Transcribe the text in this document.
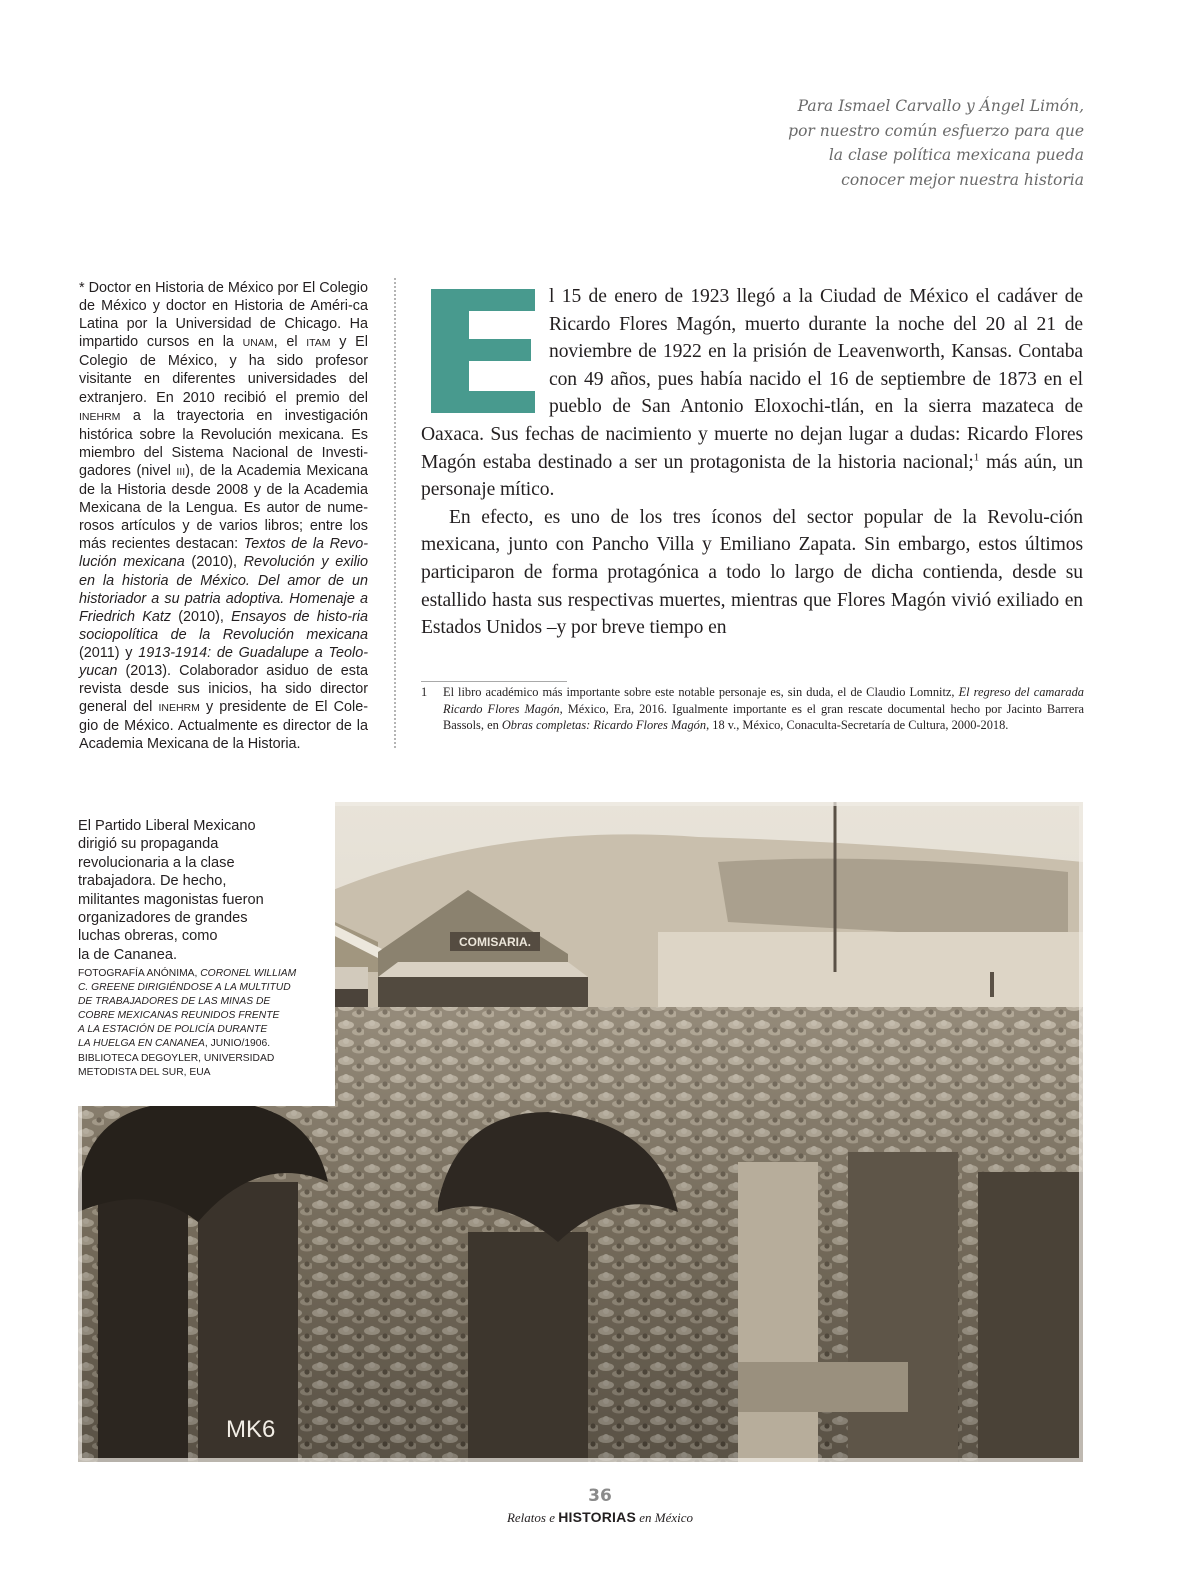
Para Ismael Carvallo y Ángel Limón,
por nuestro común esfuerzo para que
la clase política mexicana pueda
conocer mejor nuestra historia
* Doctor en Historia de México por El Colegio de México y doctor en Historia de Améri-ca Latina por la Universidad de Chicago. Ha impartido cursos en la UNAM, el ITAM y El Colegio de México, y ha sido profesor visitante en diferentes universidades del extranjero. En 2010 recibió el premio del INEHRM a la trayectoria en investigación histórica sobre la Revolución mexicana. Es miembro del Sistema Nacional de Investi-gadores (nivel III), de la Academia Mexicana de la Historia desde 2008 y de la Academia Mexicana de la Lengua. Es autor de nume-rosos artículos y de varios libros; entre los más recientes destacan: Textos de la Revo-lución mexicana (2010), Revolución y exilio en la historia de México. Del amor de un historiador a su patria adoptiva. Homenaje a Friedrich Katz (2010), Ensayos de histo-ria sociopolítica de la Revolución mexicana (2011) y 1913-1914: de Guadalupe a Teolo-yucan (2013). Colaborador asiduo de esta revista desde sus inicios, ha sido director general del INEHRM y presidente de El Cole-gio de México. Actualmente es director de la Academia Mexicana de la Historia.

l 15 de enero de 1923 llegó a la Ciudad de México el cadáver de Ricardo Flores Magón, muerto durante la noche del 20 al 21 de noviembre de 1922 en la prisión de Leavenworth, Kansas. Contaba con 49 años, pues había nacido el 16 de septiembre de 1873 en el pueblo de San Antonio Eloxochi-tlán, en la sierra mazateca de Oaxaca. Sus fechas de nacimiento y muerte no dejan lugar a dudas: Ricardo Flores Magón estaba destinado a ser un protagonista de la historia nacional;$^1$ más aún, un personaje mítico.

En efecto, es uno de los tres íconos del sector popular de la Revolu-ción mexicana, junto con Pancho Villa y Emiliano Zapata. Sin embargo, estos últimos participaron de forma protagónica a todo lo largo de dicha contienda, desde su estallido hasta sus respectivas muertes, mientras que Flores Magón vivió exiliado en Estados Unidos –y por breve tiempo en

1	El libro académico más importante sobre este notable personaje es, sin duda, el de Claudio Lomnitz, El regreso del camarada Ricardo Flores Magón, México, Era, 2016. Igualmente importante es el gran rescate documental hecho por Jacinto Barrera Bassols, en Obras completas: Ricardo Flores Magón, 18 v., México, Conaculta-Secretaría de Cultura, 2000-2018.
COMISARIA.
MK6
El Partido Liberal Mexicano
dirigió su propaganda
revolucionaria a la clase
trabajadora. De hecho,
militantes magonistas fueron
organizadores de grandes
luchas obreras, como
la de Cananea.
FOTOGRAFÍA ANÓNIMA, CORONEL WILLIAM
C. GREENE DIRIGIÉNDOSE A LA MULTITUD
DE TRABAJADORES DE LAS MINAS DE
COBRE MEXICANAS REUNIDOS FRENTE
A LA ESTACIÓN DE POLICÍA DURANTE
LA HUELGA EN CANANEA, JUNIO/1906.
BIBLIOTECA DEGOYLER, UNIVERSIDAD
METODISTA DEL SUR, EUA
36
Relatos e HISTORIAS en México
